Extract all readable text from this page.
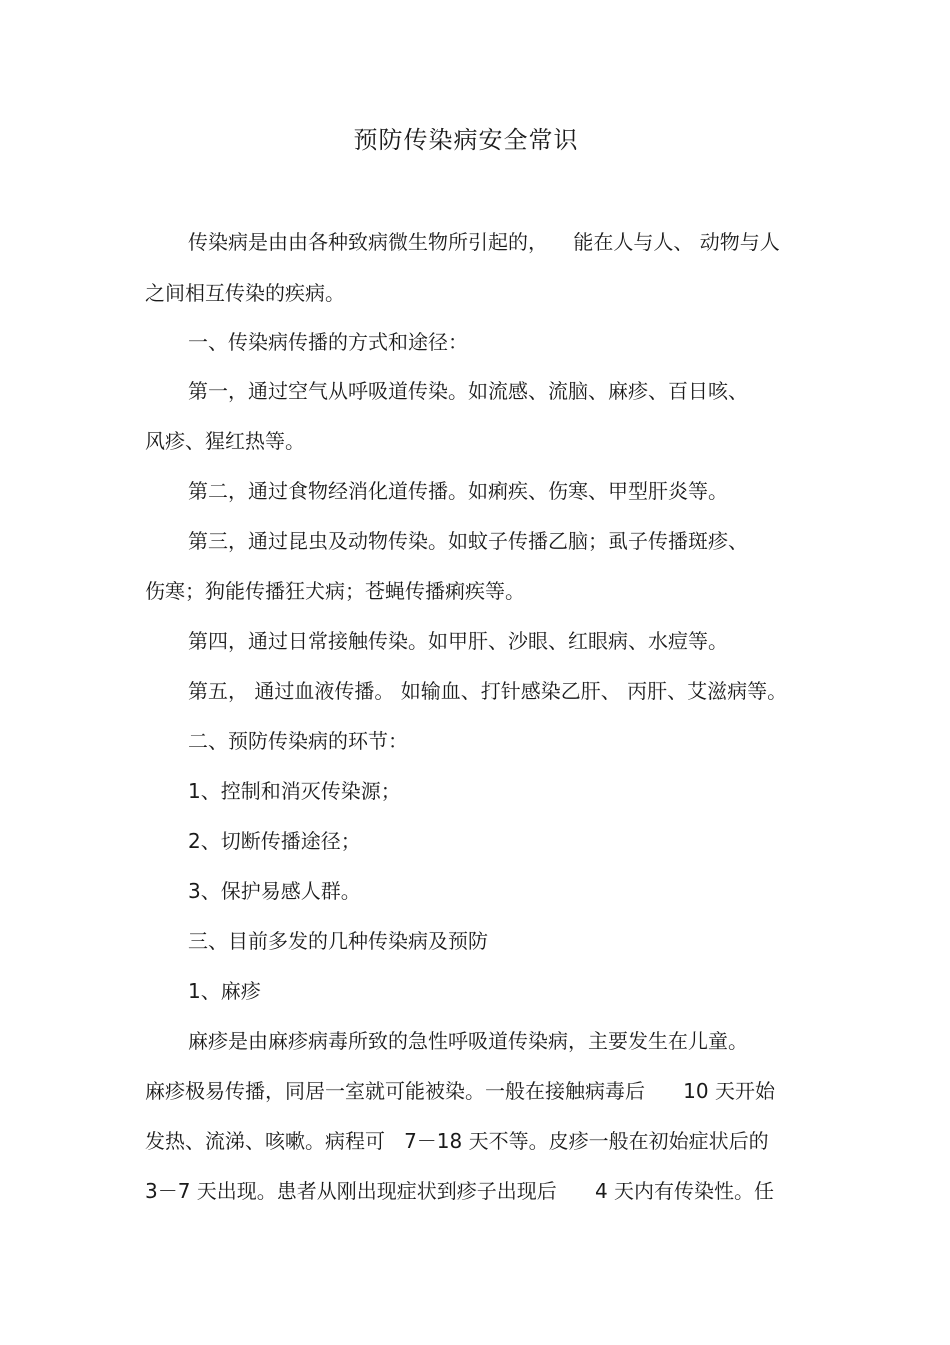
预防传染病安全常识
传染病是由由各种致病微生物所引起的，    能在人与人、 动物与人
之间相互传染的疾病。
一、传染病传播的方式和途径：
第一，通过空气从呼吸道传染。如流感、流脑、麻疹、百日咳、
风疹、猩红热等。
第二，通过食物经消化道传播。如痢疾、伤寒、甲型肝炎等。
第三，通过昆虫及动物传染。如蚊子传播乙脑；虱子传播斑疹、
伤寒；狗能传播狂犬病；苍蝇传播痢疾等。
第四，通过日常接触传染。如甲肝、沙眼、红眼病、水痘等。
第五， 通过血液传播。 如输血、打针感染乙肝、 丙肝、艾滋病等。
二、预防传染病的环节：
1、控制和消灭传染源；
2、切断传播途径；
3、保护易感人群。
三、目前多发的几种传染病及预防
1、麻疹
麻疹是由麻疹病毒所致的急性呼吸道传染病，主要发生在儿童。
麻疹极易传播，同居一室就可能被染。一般在接触病毒后      10 天开始
发热、流涕、咳嗽。病程可   7－18 天不等。皮疹一般在初始症状后的
3－7 天出现。患者从刚出现症状到疹子出现后      4 天内有传染性。任
